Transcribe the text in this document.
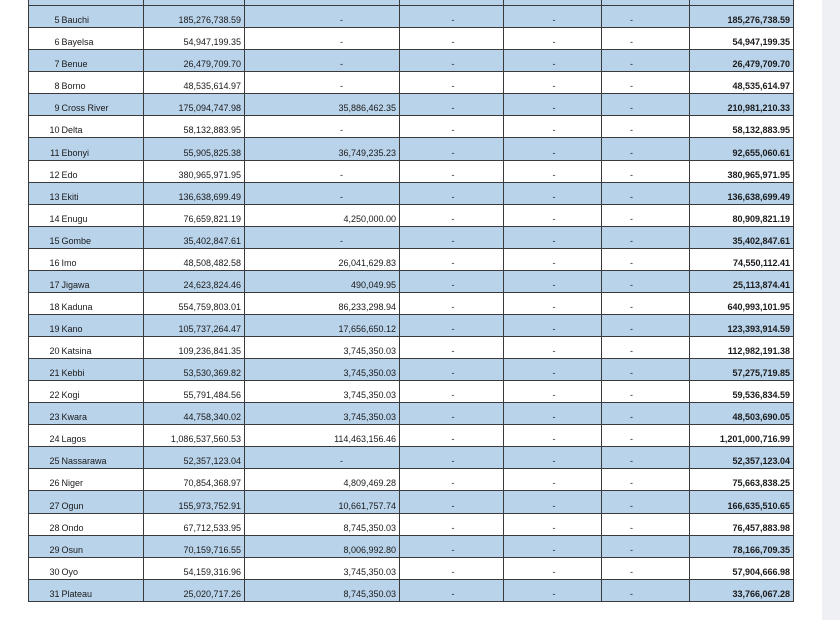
5	Bauchi	185,276,738.59	-	-	-	-	185,276,738.59
6	Bayelsa	54,947,199.35	-	-	-	-	54,947,199.35
7	Benue	26,479,709.70	-	-	-	-	26,479,709.70
8	Borno	48,535,614.97	-	-	-	-	48,535,614.97
9	Cross River	175,094,747.98	35,886,462.35	-	-	-	210,981,210.33
10	Delta	58,132,883.95	-	-	-	-	58,132,883.95
11	Ebonyi	55,905,825.38	36,749,235.23	-	-	-	92,655,060.61
12	Edo	380,965,971.95	-	-	-	-	380,965,971.95
13	Ekiti	136,638,699.49	-	-	-	-	136,638,699.49
14	Enugu	76,659,821.19	4,250,000.00	-	-	-	80,909,821.19
15	Gombe	35,402,847.61	-	-	-	-	35,402,847.61
16	Imo	48,508,482.58	26,041,629.83	-	-	-	74,550,112.41
17	Jigawa	24,623,824.46	490,049.95	-	-	-	25,113,874.41
18	Kaduna	554,759,803.01	86,233,298.94	-	-	-	640,993,101.95
19	Kano	105,737,264.47	17,656,650.12	-	-	-	123,393,914.59
20	Katsina	109,236,841.35	3,745,350.03	-	-	-	112,982,191.38
21	Kebbi	53,530,369.82	3,745,350.03	-	-	-	57,275,719.85
22	Kogi	55,791,484.56	3,745,350.03	-	-	-	59,536,834.59
23	Kwara	44,758,340.02	3,745,350.03	-	-	-	48,503,690.05
24	Lagos	1,086,537,560.53	114,463,156.46	-	-	-	1,201,000,716.99
25	Nassarawa	52,357,123.04	-	-	-	-	52,357,123.04
26	Niger	70,854,368.97	4,809,469.28	-	-	-	75,663,838.25
27	Ogun	155,973,752.91	10,661,757.74	-	-	-	166,635,510.65
28	Ondo	67,712,533.95	8,745,350.03	-	-	-	76,457,883.98
29	Osun	70,159,716.55	8,006,992.80	-	-	-	78,166,709.35
30	Oyo	54,159,316.96	3,745,350.03	-	-	-	57,904,666.98
31	Plateau	25,020,717.26	8,745,350.03	-	-	-	33,766,067.28
